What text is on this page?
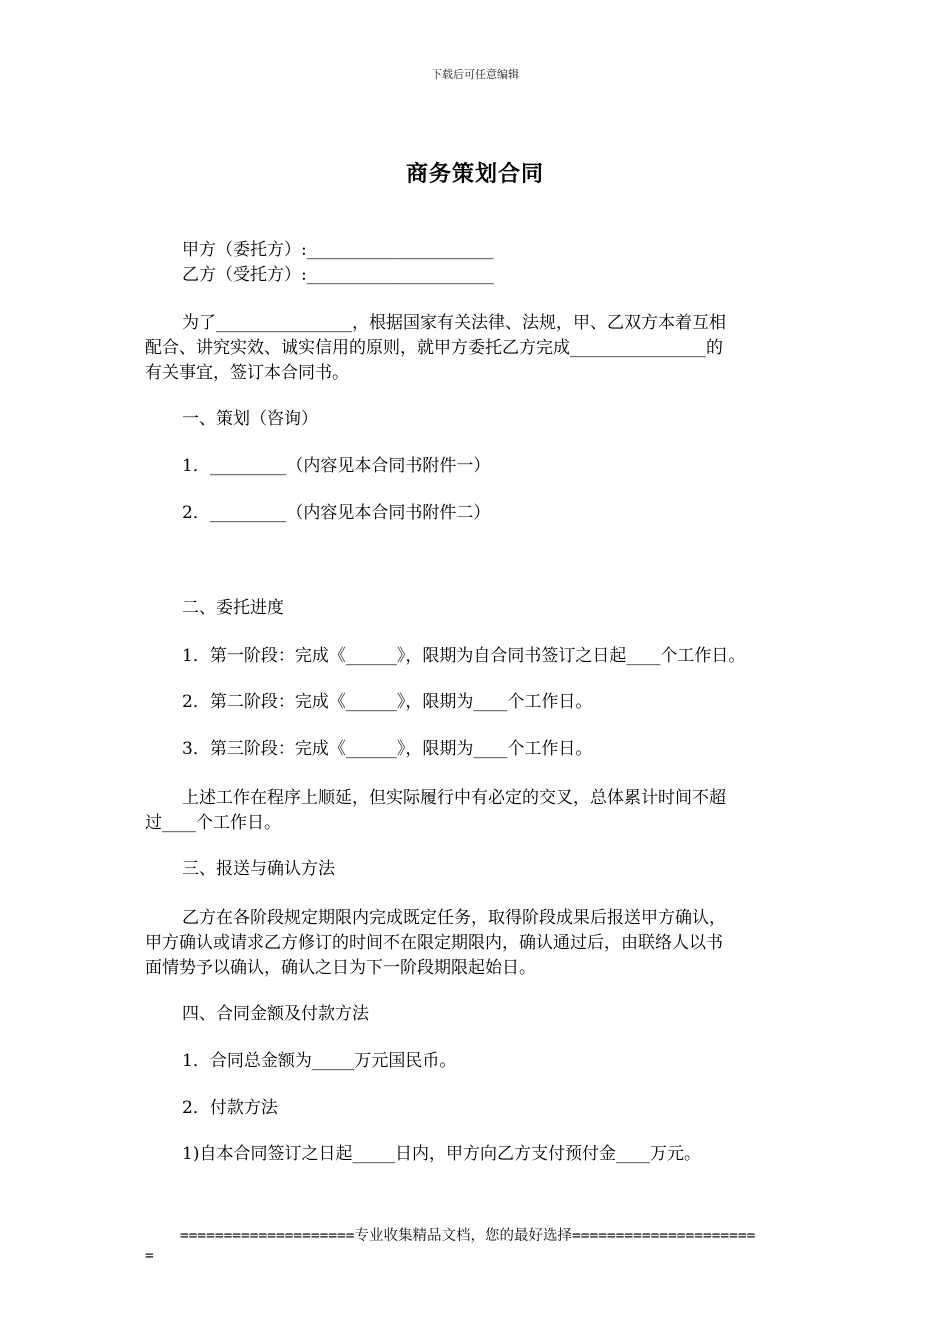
下载后可任意编辑
商务策划合同
甲方（委托方）:______________________
乙方（受托方）:______________________
为了________________，根据国家有关法律、法规，甲、乙双方本着互相
配合、讲究实效、诚实信用的原则，就甲方委托乙方完成________________的
有关事宜，签订本合同书。
一、策划（咨询）
1．_________（内容见本合同书附件一）
2．_________（内容见本合同书附件二）
二、委托进度
1．第一阶段：完成《______》，限期为自合同书签订之日起____个工作日。
2．第二阶段：完成《______》，限期为____个工作日。
3．第三阶段：完成《______》，限期为____个工作日。
上述工作在程序上顺延，但实际履行中有必定的交叉，总体累计时间不超
过____个工作日。
三、报送与确认方法
乙方在各阶段规定期限内完成既定任务，取得阶段成果后报送甲方确认，
甲方确认或请求乙方修订的时间不在限定期限内，确认通过后，由联络人以书
面情势予以确认，确认之日为下一阶段期限起始日。
四、合同金额及付款方法
1．合同总金额为_____万元国民币。
2．付款方法
1)自本合同签订之日起_____日内，甲方向乙方支付预付金____万元。
====================专业收集精品文档，您的最好选择=====================
=
